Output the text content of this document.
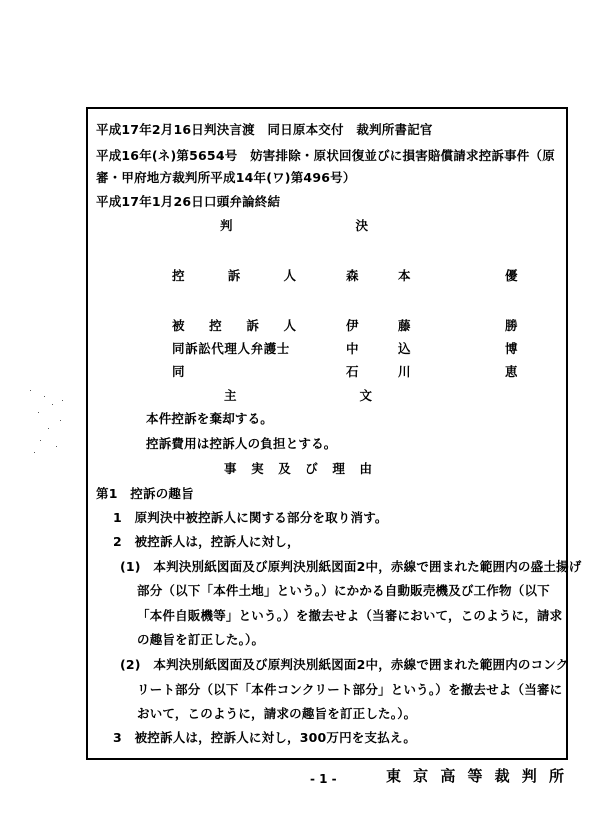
平成17年2月16日判決言渡　同日原本交付　裁判所書記官
平成16年(ネ)第5654号　妨害排除・原状回復並びに損害賠償請求控訴事件（原
審・甲府地方裁判所平成14年(ワ)第496号）
平成17年1月26日口頭弁論終結
判	決
控	訴	人	森	本	優
被 控 訴 人	伊	藤	勝
同訴訟代理人弁護士	中	込	博
同	石	川	恵
主	文
本件控訴を棄却する。
控訴費用は控訴人の負担とする。
事 実 及 び 理 由
第1　控訴の趣旨
1　原判決中被控訴人に関する部分を取り消す。
2　被控訴人は，控訴人に対し，
(1)　本判決別紙図面及び原判決別紙図面2中，赤線で囲まれた範囲内の盛土揚げ
部分（以下「本件土地」という。）にかかる自動販売機及び工作物（以下
「本件自販機等」という。）を撤去せよ（当審において，このように，請求
の趣旨を訂正した。）。
(2)　本判決別紙図面及び原判決別紙図面2中，赤線で囲まれた範囲内のコンク
リート部分（以下「本件コンクリート部分」という。）を撤去せよ（当審に
おいて，このように，請求の趣旨を訂正した。）。
3　被控訴人は，控訴人に対し，300万円を支払え。
- 1 -	東 京 高 等 裁 判 所
